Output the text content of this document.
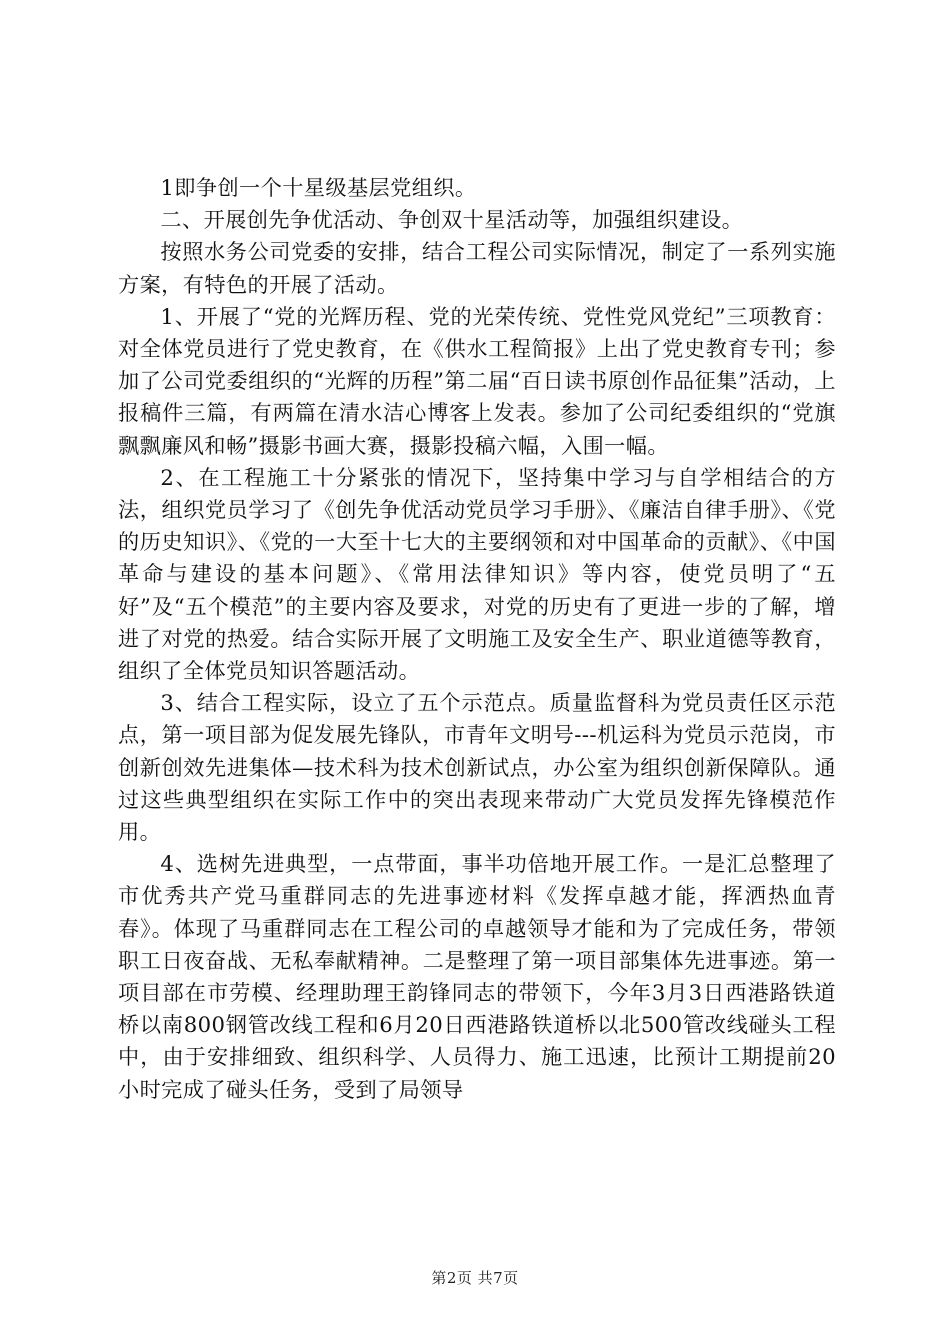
1即争创一个十星级基层党组织。

二、开展创先争优活动、争创双十星活动等，加强组织建设。

按照水务公司党委的安排，结合工程公司实际情况，制定了一系列实施方案，有特色的开展了活动。

1、开展了“党的光辉历程、党的光荣传统、党性党风党纪”三项教育：对全体党员进行了党史教育，在《供水工程简报》上出了党史教育专刊；参加了公司党委组织的“光辉的历程”第二届“百日读书原创作品征集”活动，上报稿件三篇，有两篇在清水洁心博客上发表。参加了公司纪委组织的“党旗飘飘廉风和畅”摄影书画大赛，摄影投稿六幅，入围一幅。

2、在工程施工十分紧张的情况下，坚持集中学习与自学相结合的方法，组织党员学习了《创先争优活动党员学习手册》、《廉洁自律手册》、《党的历史知识》、《党的一大至十七大的主要纲领和对中国革命的贡献》、《中国革命与建设的基本问题》、《常用法律知识》等内容，使党员明了“五好”及“五个模范”的主要内容及要求，对党的历史有了更进一步的了解，增进了对党的热爱。结合实际开展了文明施工及安全生产、职业道德等教育，组织了全体党员知识答题活动。

3、结合工程实际，设立了五个示范点。质量监督科为党员责任区示范点，第一项目部为促发展先锋队，市青年文明号---机运科为党员示范岗，市创新创效先进集体—技术科为技术创新试点，办公室为组织创新保障队。通过这些典型组织在实际工作中的突出表现来带动广大党员发挥先锋模范作用。

4、选树先进典型，一点带面，事半功倍地开展工作。一是汇总整理了市优秀共产党马重群同志的先进事迹材料《发挥卓越才能，挥洒热血青春》。体现了马重群同志在工程公司的卓越领导才能和为了完成任务，带领职工日夜奋战、无私奉献精神。二是整理了第一项目部集体先进事迹。第一项目部在市劳模、经理助理王韵锋同志的带领下，今年3月3日西港路铁道桥以南800钢管改线工程和6月20日西港路铁道桥以北500管改线碰头工程中，由于安排细致、组织科学、人员得力、施工迅速，比预计工期提前20小时完成了碰头任务，受到了局领导

第2页 共7页
